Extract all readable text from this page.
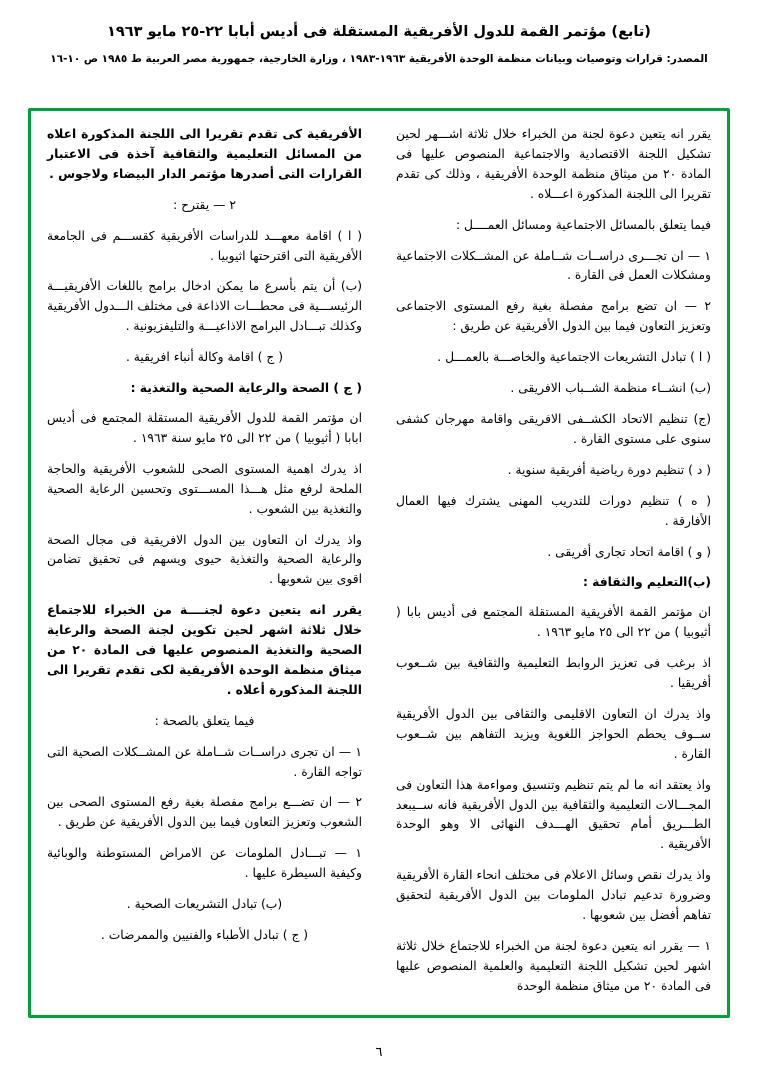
(تابع) مؤتمر القمة للدول الأفريقية المستقلة فى أديس أبابا ٢٢-٢٥ مايو ١٩٦٣
المصدر: قرارات وتوصيات وبيانات منظمة الوحدة الأفريقية ١٩٦٣-١٩٨٣ ، وزارة الخارجية، جمهورية مصر العربية ط ١٩٨٥ ص ١٠-١٦

يقرر انه يتعين دعوة لجنة من الخبراء خلال ثلاثة اشـــهر لحين تشكيل اللجنة الاقتصادية والاجتماعية المنصوص عليها فى المادة ٢٠ من ميثاق منظمة الوحدة الأفريقية ، وذلك كى تقدم تقريرا الى اللجنة المذكورة اعـــلاه .

فيما يتعلق بالمسائل الاجتماعية ومسائل العمــــل :

١ — ان تجـــرى دراســات شــاملة عن المشــكلات الاجتماعية ومشكلات العمل فى القارة .

٢ — ان تضع برامج مفصلة بغية رفع المستوى الاجتماعى وتعزيز التعاون فيما بين الدول الأفريقية عن طريق :

( ا ) تبادل التشريعات الاجتماعية والخاصـــة بالعمـــل .

(ب) انشــاء منظمة الشــباب الافريقى .

(ج) تنظيم الاتحاد الكشــفى الافريقى واقامة مهرجان كشفى سنوى على مستوى القارة .

( د ) تنظيم دورة رياضية أفريقية سنوية .

( ه ) تنظيم دورات للتدريب المهنى يشترك فيها العمال الأفارقة .

( و ) اقامة اتحاد تجارى أفريقى .

(ب)التعليم والثقافة :

ان مؤتمر القمة الأفريقية المستقلة المجتمع فى أديس بابا ( أثيوبيا ) من ٢٢ الى ٢٥ مايو ١٩٦٣ .

اذ برغب فى تعزيز الروابط التعليمية والثقافية بين شــعوب أفريقيا .

واذ يدرك ان التعاون الاقليمى والثقافى بين الدول الأفريقية ســوف يحطم الحواجز اللغوية ويزيد التفاهم بين شــعوب القارة .

واذ يعتقد انه ما لم يتم تنظيم وتنسيق ومواءمة هذا التعاون فى المجـــالات التعليمية والثقافية بين الدول الأفريقية فانه ســيبعد الطـــريق أمام تحقيق الهـــدف النهائى الا وهو الوحدة الأفريقية .

واذ يدرك نقص وسائل الاعلام فى مختلف انحاء القارة الأفريقية وضرورة تدعيم تبادل الملومات بين الدول الأفريقية لتحقيق تفاهم أفضل بين شعوبها .

١ — يقرر انه يتعين دعوة لجنة من الخبراء للاجتماع خلال ثلاثة اشهر لحين تشكيل اللجنة التعليمية والعلمية المنصوص عليها فى المادة ٢٠ من ميثاق منظمة الوحدة

الأفريقية كى تقدم تقريرا الى اللجنة المذكورة اعلاه من المسائل التعليمية والثقافية آخذة فى الاعتبار القرارات التى أصدرها مؤتمر الدار البيضاء ولاجوس .

٢ — يقترح :

( ا ) اقامة معهـــد للدراسات الأفريقية كقســـم فى الجامعة الأفريقية التى اقترحتها اثيوبيا .

(ب) أن يتم بأسرع ما يمكن ادخال برامج باللغات الأفريقيـــة الرئيســـية فى محطـــات الاذاعة فى مختلف الـــدول الأفريقية وكذلك تبـــادل البرامج الاذاعيـــة والتليفزيونية .

( ج ) اقامة وكالة أنباء افريقية .

( ج ) الصحة والرعاية الصحية والتغذية :

ان مؤتمر القمة للدول الأفريقية المستقلة المجتمع فى أديس ابابا ( أثيوبيا ) من ٢٢ الى ٢٥ مايو سنة ١٩٦٣ .

اذ يدرك اهمية المستوى الصحى للشعوب الأفريقية والحاجة الملحة لرفع مثل هـــذا المســـتوى وتحسين الرعاية الصحية والتغذية بين الشعوب .

واذ يدرك ان التعاون بين الدول الافريقية فى مجال الصحة والرعاية الصحية والتغذية حيوى ويسهم فى تحقيق تضامن اقوى بين شعوبها .

يقرر انه يتعين دعوة لجنــــة من الخبراء للاجتماع خلال ثلاثة اشهر لحين تكوين لجنة الصحة والرعاية الصحية والتغذية المنصوص عليها فى المادة ٢٠ من ميثاق منظمة الوحدة الأفريقية لكى تقدم تقريرا الى اللجنة المذكورة أعلاه .

فيما يتعلق بالصحة :

١ — ان تجرى دراســات شــاملة عن المشــكلات الصحية التى تواجه القارة .

٢ — ان تضـــع برامج مفصلة بغية رفع المستوى الصحى بين الشعوب وتعزيز التعاون فيما بين الدول الأفريقية عن طريق .

١ — تبـــادل الملومات عن الامراض المستوطنة والوبائية وكيفية السيطرة عليها .

(ب) تبادل التشريعات الصحية .

( ج ) تبادل الأطباء والفنيين والممرضات .

٦
